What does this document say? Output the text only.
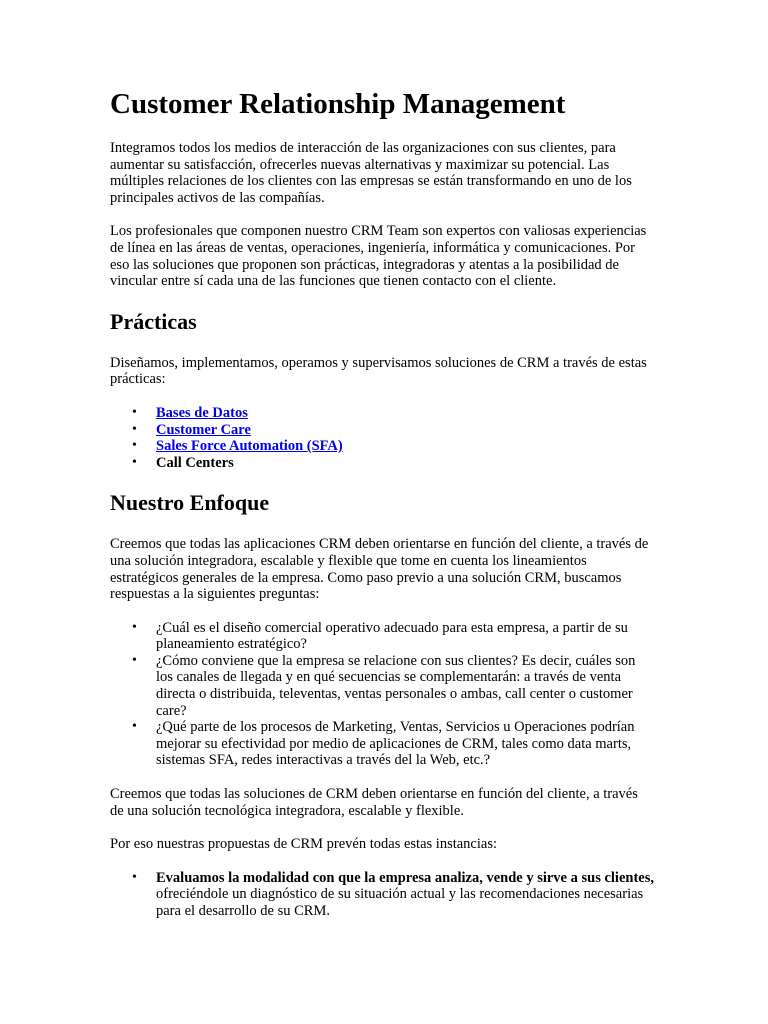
Customer Relationship Management

Integramos todos los medios de interacción de las organizaciones con sus clientes, para aumentar su satisfacción, ofrecerles nuevas alternativas y maximizar su potencial. Las múltiples relaciones de los clientes con las empresas se están transformando en uno de los principales activos de las compañías.

Los profesionales que componen nuestro CRM Team son expertos con valiosas experiencias de línea en las áreas de ventas, operaciones, ingeniería, informática y comunicaciones. Por eso las soluciones que proponen son prácticas, integradoras y atentas a la posibilidad de vincular entre sí cada una de las funciones que tienen contacto con el cliente.

Prácticas

Diseñamos, implementamos, operamos y supervisamos soluciones de CRM a través de estas prácticas:

• Bases de Datos
• Customer Care
• Sales Force Automation (SFA)
• Call Centers
Nuestro Enfoque

Creemos que todas las aplicaciones CRM deben orientarse en función del cliente, a través de una solución integradora, escalable y flexible que tome en cuenta los lineamientos estratégicos generales de la empresa. Como paso previo a una solución CRM, buscamos respuestas a la siguientes preguntas:

• ¿Cuál es el diseño comercial operativo adecuado para esta empresa, a partir de su planeamiento estratégico?
• ¿Cómo conviene que la empresa se relacione con sus clientes? Es decir, cuáles son los canales de llegada y en qué secuencias se complementarán: a través de venta directa o distribuida, televentas, ventas personales o ambas, call center o customer care?
• ¿Qué parte de los procesos de Marketing, Ventas, Servicios u Operaciones podrían mejorar su efectividad por medio de aplicaciones de CRM, tales como data marts, sistemas SFA, redes interactivas a través del la Web, etc.?

Creemos que todas las soluciones de CRM deben orientarse en función del cliente, a través de una solución tecnológica integradora, escalable y flexible.

Por eso nuestras propuestas de CRM prevén todas estas instancias:

• Evaluamos la modalidad con que la empresa analiza, vende y sirve a sus clientes, ofreciéndole un diagnóstico de su situación actual y las recomendaciones necesarias para el desarrollo de su CRM.
